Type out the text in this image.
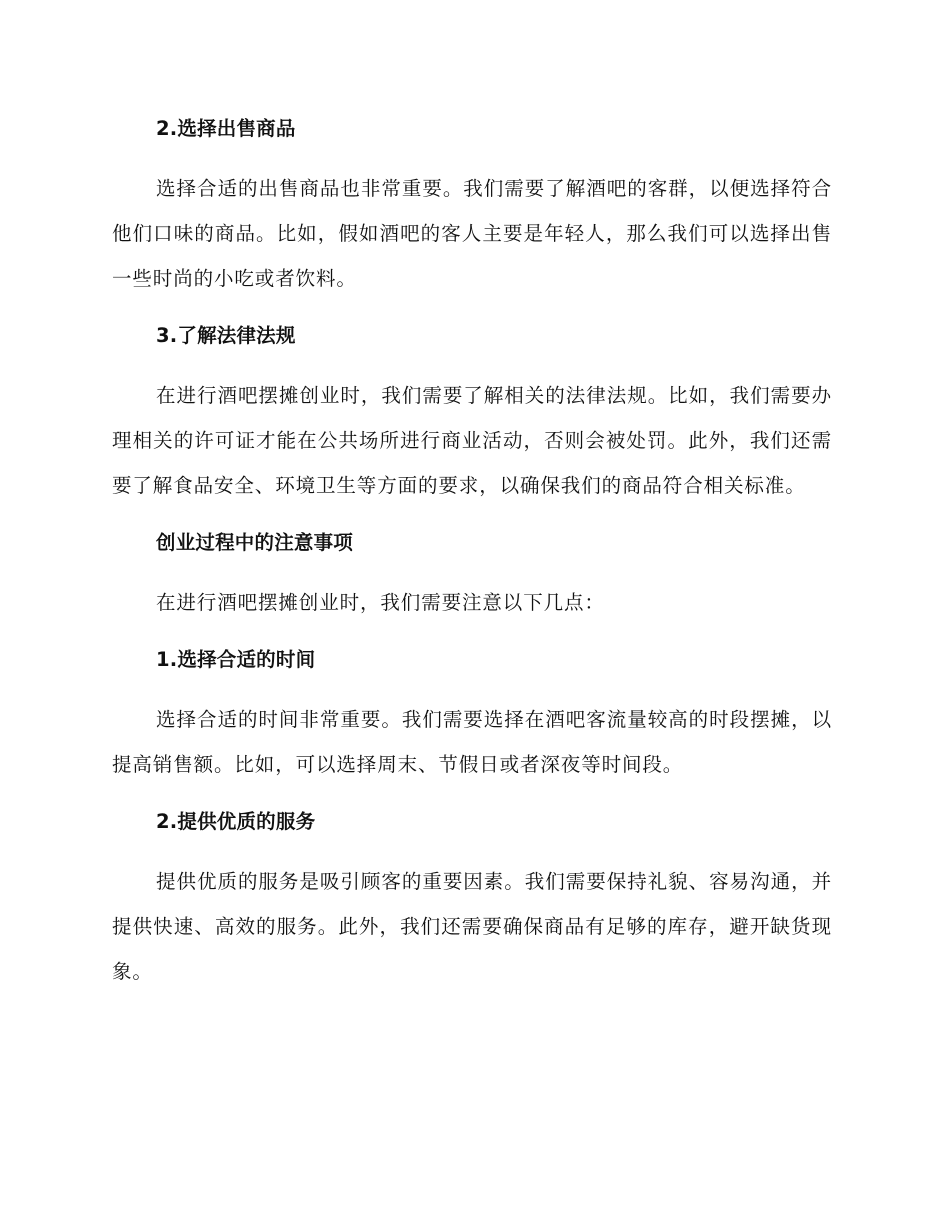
2.选择出售商品

选择合适的出售商品也非常重要。我们需要了解酒吧的客群，以便选择符合他们口味的商品。比如，假如酒吧的客人主要是年轻人，那么我们可以选择出售一些时尚的小吃或者饮料。

3.了解法律法规

在进行酒吧摆摊创业时，我们需要了解相关的法律法规。比如，我们需要办理相关的许可证才能在公共场所进行商业活动，否则会被处罚。此外，我们还需要了解食品安全、环境卫生等方面的要求，以确保我们的商品符合相关标准。

创业过程中的注意事项

在进行酒吧摆摊创业时，我们需要注意以下几点：

1.选择合适的时间

选择合适的时间非常重要。我们需要选择在酒吧客流量较高的时段摆摊，以提高销售额。比如，可以选择周末、节假日或者深夜等时间段。

2.提供优质的服务

提供优质的服务是吸引顾客的重要因素。我们需要保持礼貌、容易沟通，并提供快速、高效的服务。此外，我们还需要确保商品有足够的库存，避开缺货现象。
